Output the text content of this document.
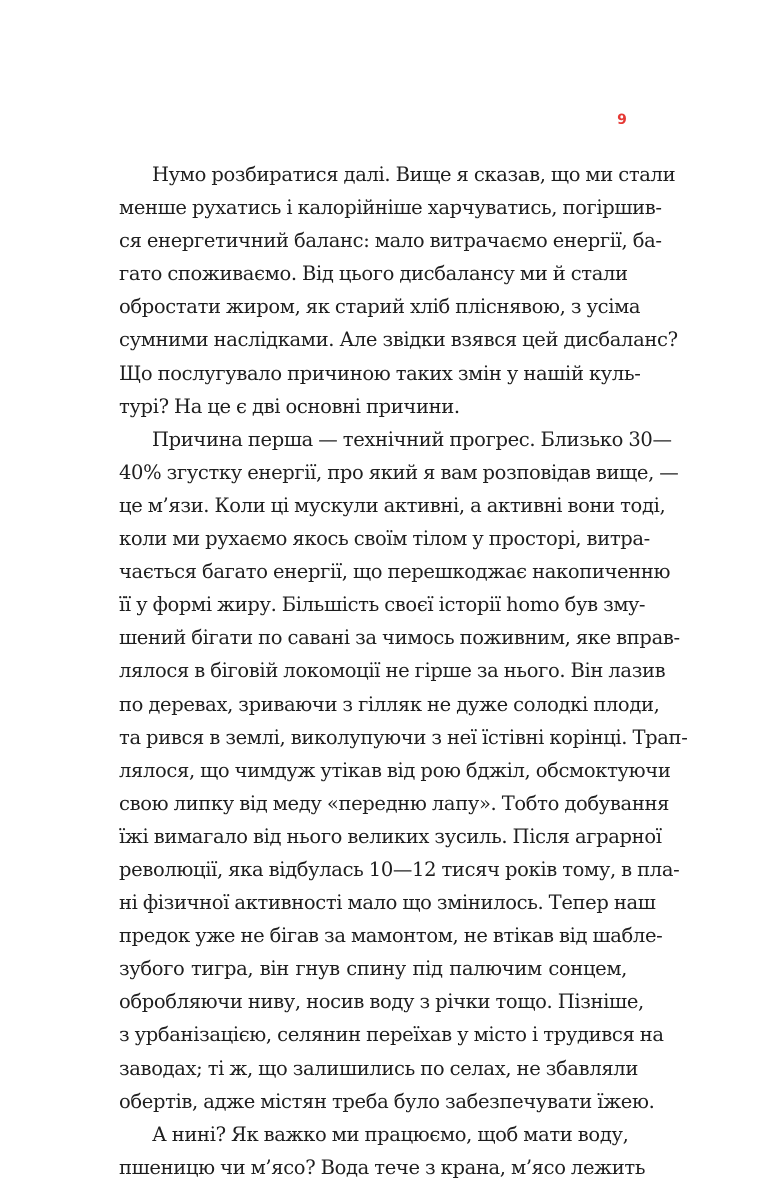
9
Нумо розбиратися далі. Вище я сказав, що ми стали
менше рухатись і калорійніше харчуватись, погіршив-
ся енергетичний баланс: мало витрачаємо енергії, ба-
гато споживаємо. Від цього дисбалансу ми й стали
обростати жиром, як старий хліб пліснявою, з усіма
сумними наслідками. Але звідки взявся цей дисбаланс?
Що послугувало причиною таких змін у нашій куль-
турі? На це є дві основні причини.
Причина перша — технічний прогрес. Близько 30—
40% згустку енергії, про який я вам розповідав вище, —
це м’язи. Коли ці мускули активні, а активні вони тоді,
коли ми рухаємо якось своїм тілом у просторі, витра-
чається багато енергії, що перешкоджає накопиченню
її у формі жиру. Більшість своєї історії homo був змy-
шений бігати по савані за чимось поживним, яке вправ-
лялося в біговій локомоції не гірше за нього. Він лазив
по деревах, зриваючи з гілляк не дуже солодкі плоди,
та рився в землі, виколупуючи з неї їстівні корінці. Трап-
лялося, що чимдуж утікав від рою бджіл, обсмоктуючи
свою липку від меду «передню лапу». Тобто добування
їжі вимагало від нього великих зусиль. Після аграрної
революції, яка відбулась 10—12 тисяч років тому, в пла-
ні фізичної активності мало що змінилось. Тепер наш
предок уже не бігав за мамонтом, не втікав від шабле-
зубого тигра, він гнув спину під палючим сонцем,
обробляючи ниву, носив воду з річки тощо. Пізніше,
з урбанізацією, селянин переїхав у місто і трудився на
заводах; ті ж, що залишились по селах, не збавляли
обертів, адже містян треба було забезпечувати їжею.
А нині? Як важко ми працюємо, щоб мати воду,
пшеницю чи м’ясо? Вода тече з крана, м’ясо лежить
